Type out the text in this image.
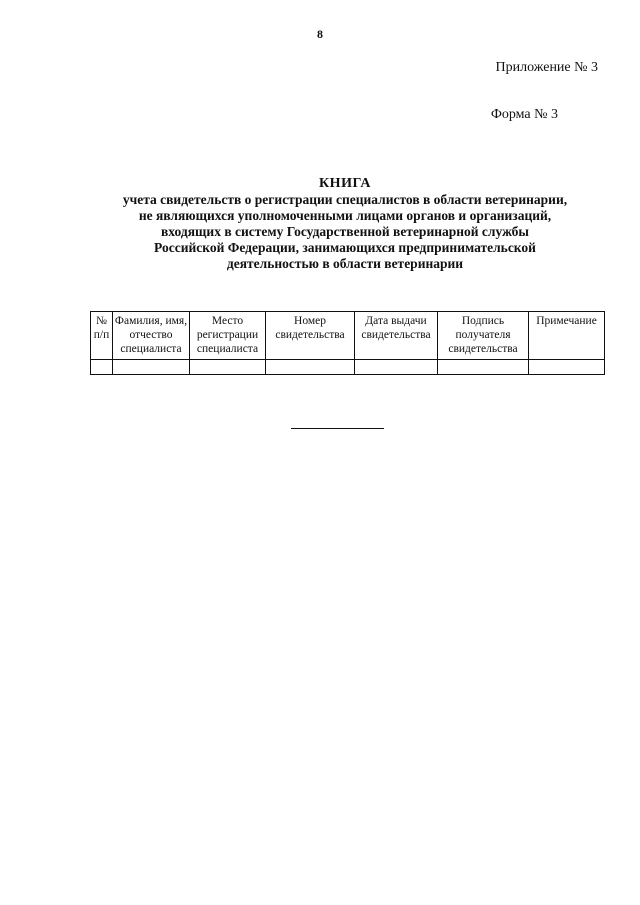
8
Приложение № 3
Форма № 3
КНИГА
учета свидетельств о регистрации специалистов в области ветеринарии,
не являющихся уполномоченными лицами органов и организаций,
входящих в систему Государственной ветеринарной службы
Российской Федерации, занимающихся предпринимательской
деятельностью в области ветеринарии
№ п/п	Фамилия, имя, отчество специалиста	Место регистрации специалиста	Номер свидетельства	Дата выдачи свидетельства	Подпись получателя свидетельства	Примечание
